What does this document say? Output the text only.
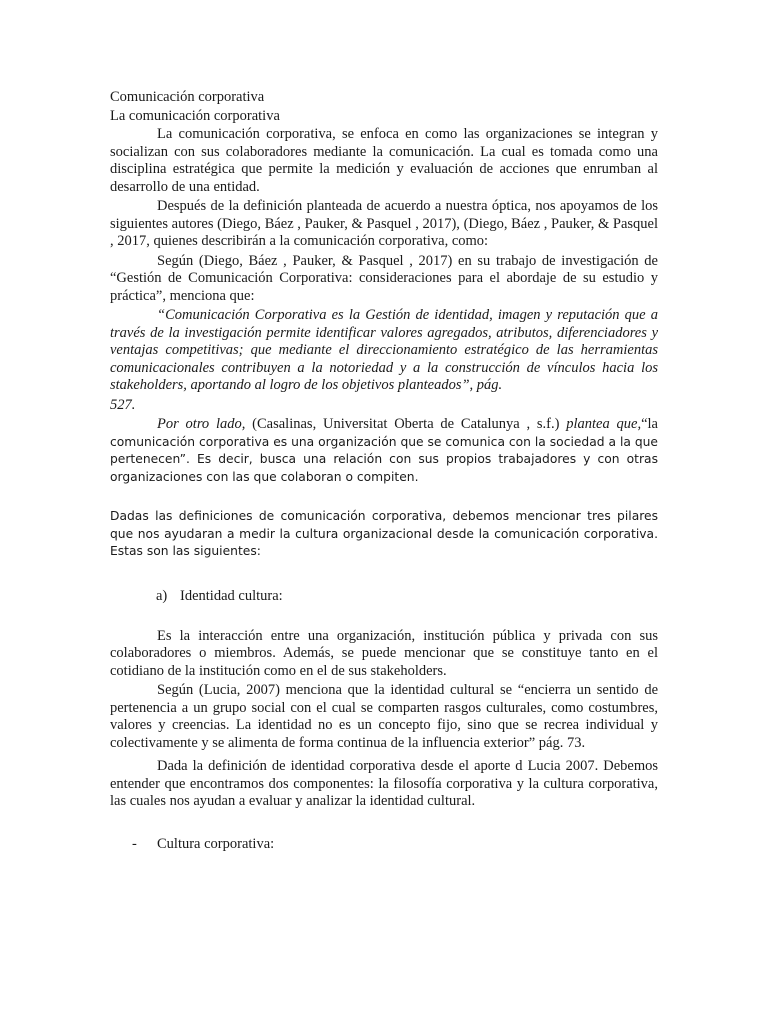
Comunicación corporativa

La comunicación corporativa

La comunicación corporativa, se enfoca en como las organizaciones se integran y socializan con sus colaboradores mediante la comunicación. La cual es tomada como una disciplina estratégica que permite la medición y evaluación de acciones que enrumban al desarrollo de una entidad.

Después de la definición planteada de acuerdo a nuestra óptica, nos apoyamos de los siguientes autores (Diego, Báez , Pauker, & Pasquel , 2017), (Diego, Báez , Pauker, & Pasquel , 2017, quienes describirán a la comunicación corporativa, como:

Según (Diego, Báez , Pauker, & Pasquel , 2017) en su trabajo de investigación de “Gestión de Comunicación Corporativa: consideraciones para el abordaje de su estudio y práctica”, menciona que:

“Comunicación Corporativa es la Gestión de identidad, imagen y reputación que a través de la investigación permite identificar valores agregados, atributos, diferenciadores y ventajas competitivas; que mediante el direccionamiento estratégico de las herramientas comunicacionales contribuyen a la notoriedad y a la construcción de vínculos hacia los stakeholders, aportando al logro de los objetivos planteados”, pág.

527.

Por otro lado, (Casalinas, Universitat Oberta de Catalunya , s.f.) plantea que,“la comunicación corporativa es una organización que se comunica con la sociedad a la que pertenecen”. Es decir, busca una relación con sus propios trabajadores y con otras organizaciones con las que colaboran o compiten.

Dadas las definiciones de comunicación corporativa, debemos mencionar tres pilares que nos ayudaran a medir la cultura organizacional desde la comunicación corporativa. Estas son las siguientes:

a) Identidad cultura:

Es la interacción entre una organización, institución pública y privada con sus colaboradores o miembros. Además, se puede mencionar que se constituye tanto en el cotidiano de la institución como en el de sus stakeholders.

Según (Lucia, 2007) menciona que la identidad cultural se “encierra un sentido de pertenencia a un grupo social con el cual se comparten rasgos culturales, como costumbres, valores y creencias. La identidad no es un concepto fijo, sino que se recrea individual y colectivamente y se alimenta de forma continua de la influencia exterior” pág. 73.

Dada la definición de identidad corporativa desde el aporte d Lucia 2007. Debemos entender que encontramos dos componentes: la filosofía corporativa y la cultura corporativa, las cuales nos ayudan a evaluar y analizar la identidad cultural.

- Cultura corporativa:
